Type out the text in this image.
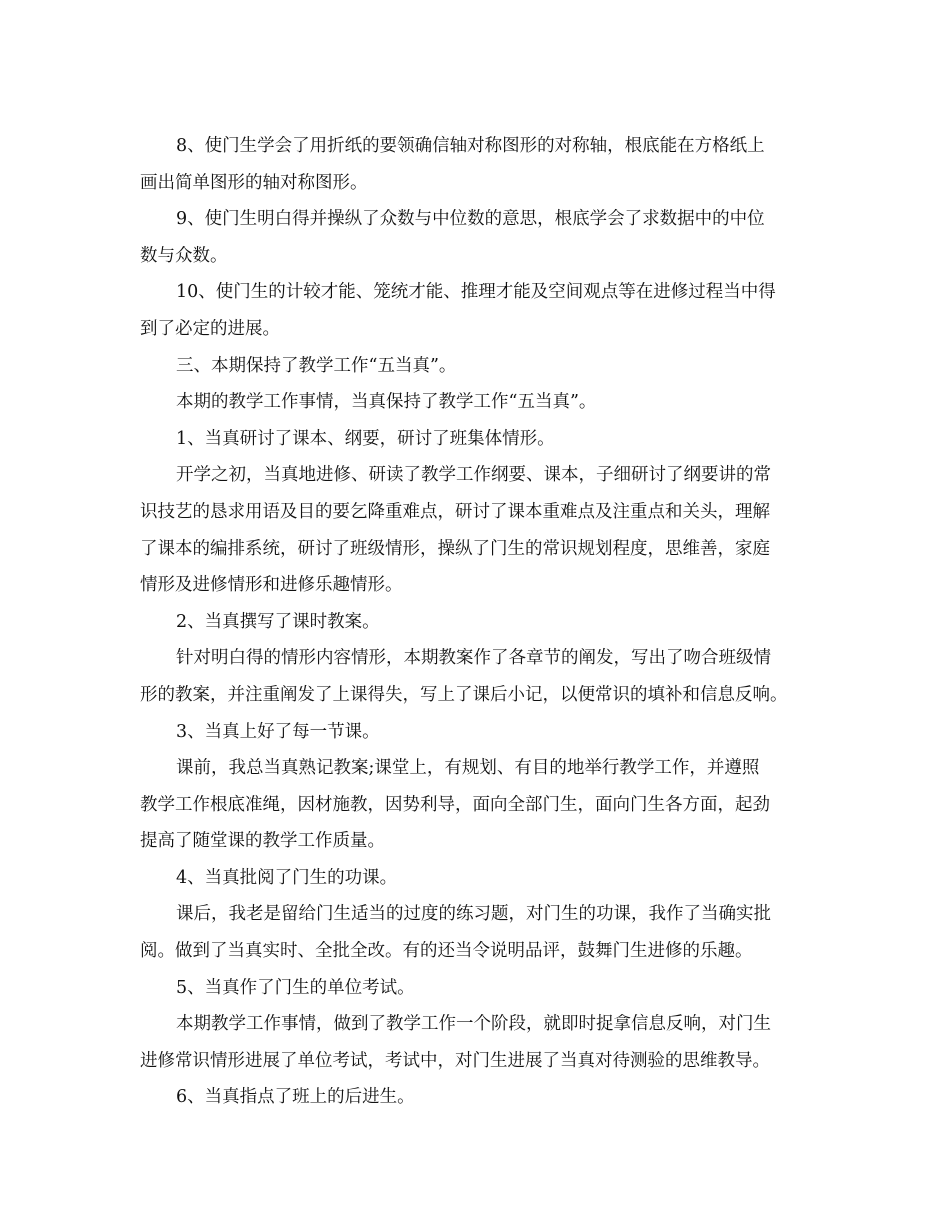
8、使门生学会了用折纸的要领确信轴对称图形的对称轴，根底能在方格纸上
画出简单图形的轴对称图形。
9、使门生明白得并操纵了众数与中位数的意思，根底学会了求数据中的中位
数与众数。
10、使门生的计较才能、笼统才能、推理才能及空间观点等在进修过程当中得
到了必定的进展。
三、本期保持了教学工作“五当真”。
本期的教学工作事情，当真保持了教学工作“五当真”。
1、当真研讨了课本、纲要，研讨了班集体情形。
开学之初，当真地进修、研读了教学工作纲要、课本，子细研讨了纲要讲的常
识技艺的恳求用语及目的要乞降重难点，研讨了课本重难点及注重点和关头，理解
了课本的编排系统，研讨了班级情形，操纵了门生的常识规划程度，思维善，家庭
情形及进修情形和进修乐趣情形。
2、当真撰写了课时教案。
针对明白得的情形内容情形，本期教案作了各章节的阐发，写出了吻合班级情
形的教案，并注重阐发了上课得失，写上了课后小记，以便常识的填补和信息反响。
3、当真上好了每一节课。
课前，我总当真熟记教案;课堂上，有规划、有目的地举行教学工作，并遵照
教学工作根底准绳，因材施教，因势利导，面向全部门生，面向门生各方面，起劲
提高了随堂课的教学工作质量。
4、当真批阅了门生的功课。
课后，我老是留给门生适当的过度的练习题，对门生的功课，我作了当确实批
阅。做到了当真实时、全批全改。有的还当令说明品评，鼓舞门生进修的乐趣。
5、当真作了门生的单位考试。
本期教学工作事情，做到了教学工作一个阶段，就即时捉拿信息反响，对门生
进修常识情形进展了单位考试，考试中，对门生进展了当真对待测验的思维教导。
6、当真指点了班上的后进生。
